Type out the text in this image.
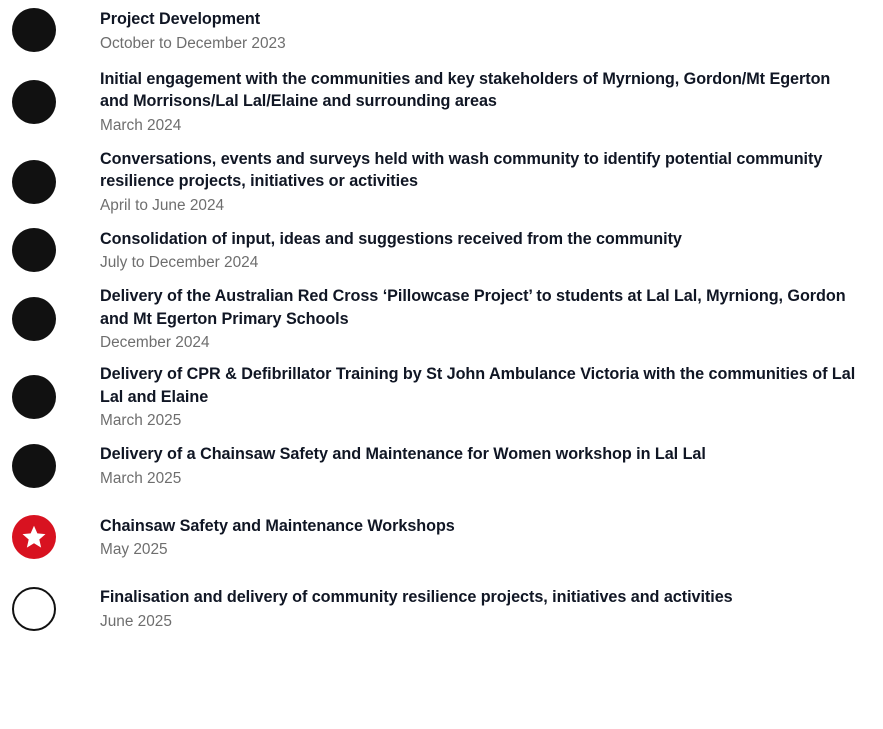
Project Development

October to December 2023

Initial engagement with the communities and key stakeholders of Myrniong, Gordon/Mt Egerton and Morrisons/Lal Lal/Elaine and surrounding areas

March 2024

Conversations, events and surveys held with wash community to identify potential community resilience projects, initiatives or activities

April to June 2024

Consolidation of input, ideas and suggestions received from the community

July to December 2024

Delivery of the Australian Red Cross ‘Pillowcase Project’ to students at Lal Lal, Myrniong, Gordon and Mt Egerton Primary Schools

December 2024

Delivery of CPR & Defibrillator Training by St John Ambulance Victoria with the communities of Lal Lal and Elaine

March 2025

Delivery of a Chainsaw Safety and Maintenance for Women workshop in Lal Lal

March 2025

Chainsaw Safety and Maintenance Workshops

May 2025

Finalisation and delivery of community resilience projects, initiatives and activities

June 2025
